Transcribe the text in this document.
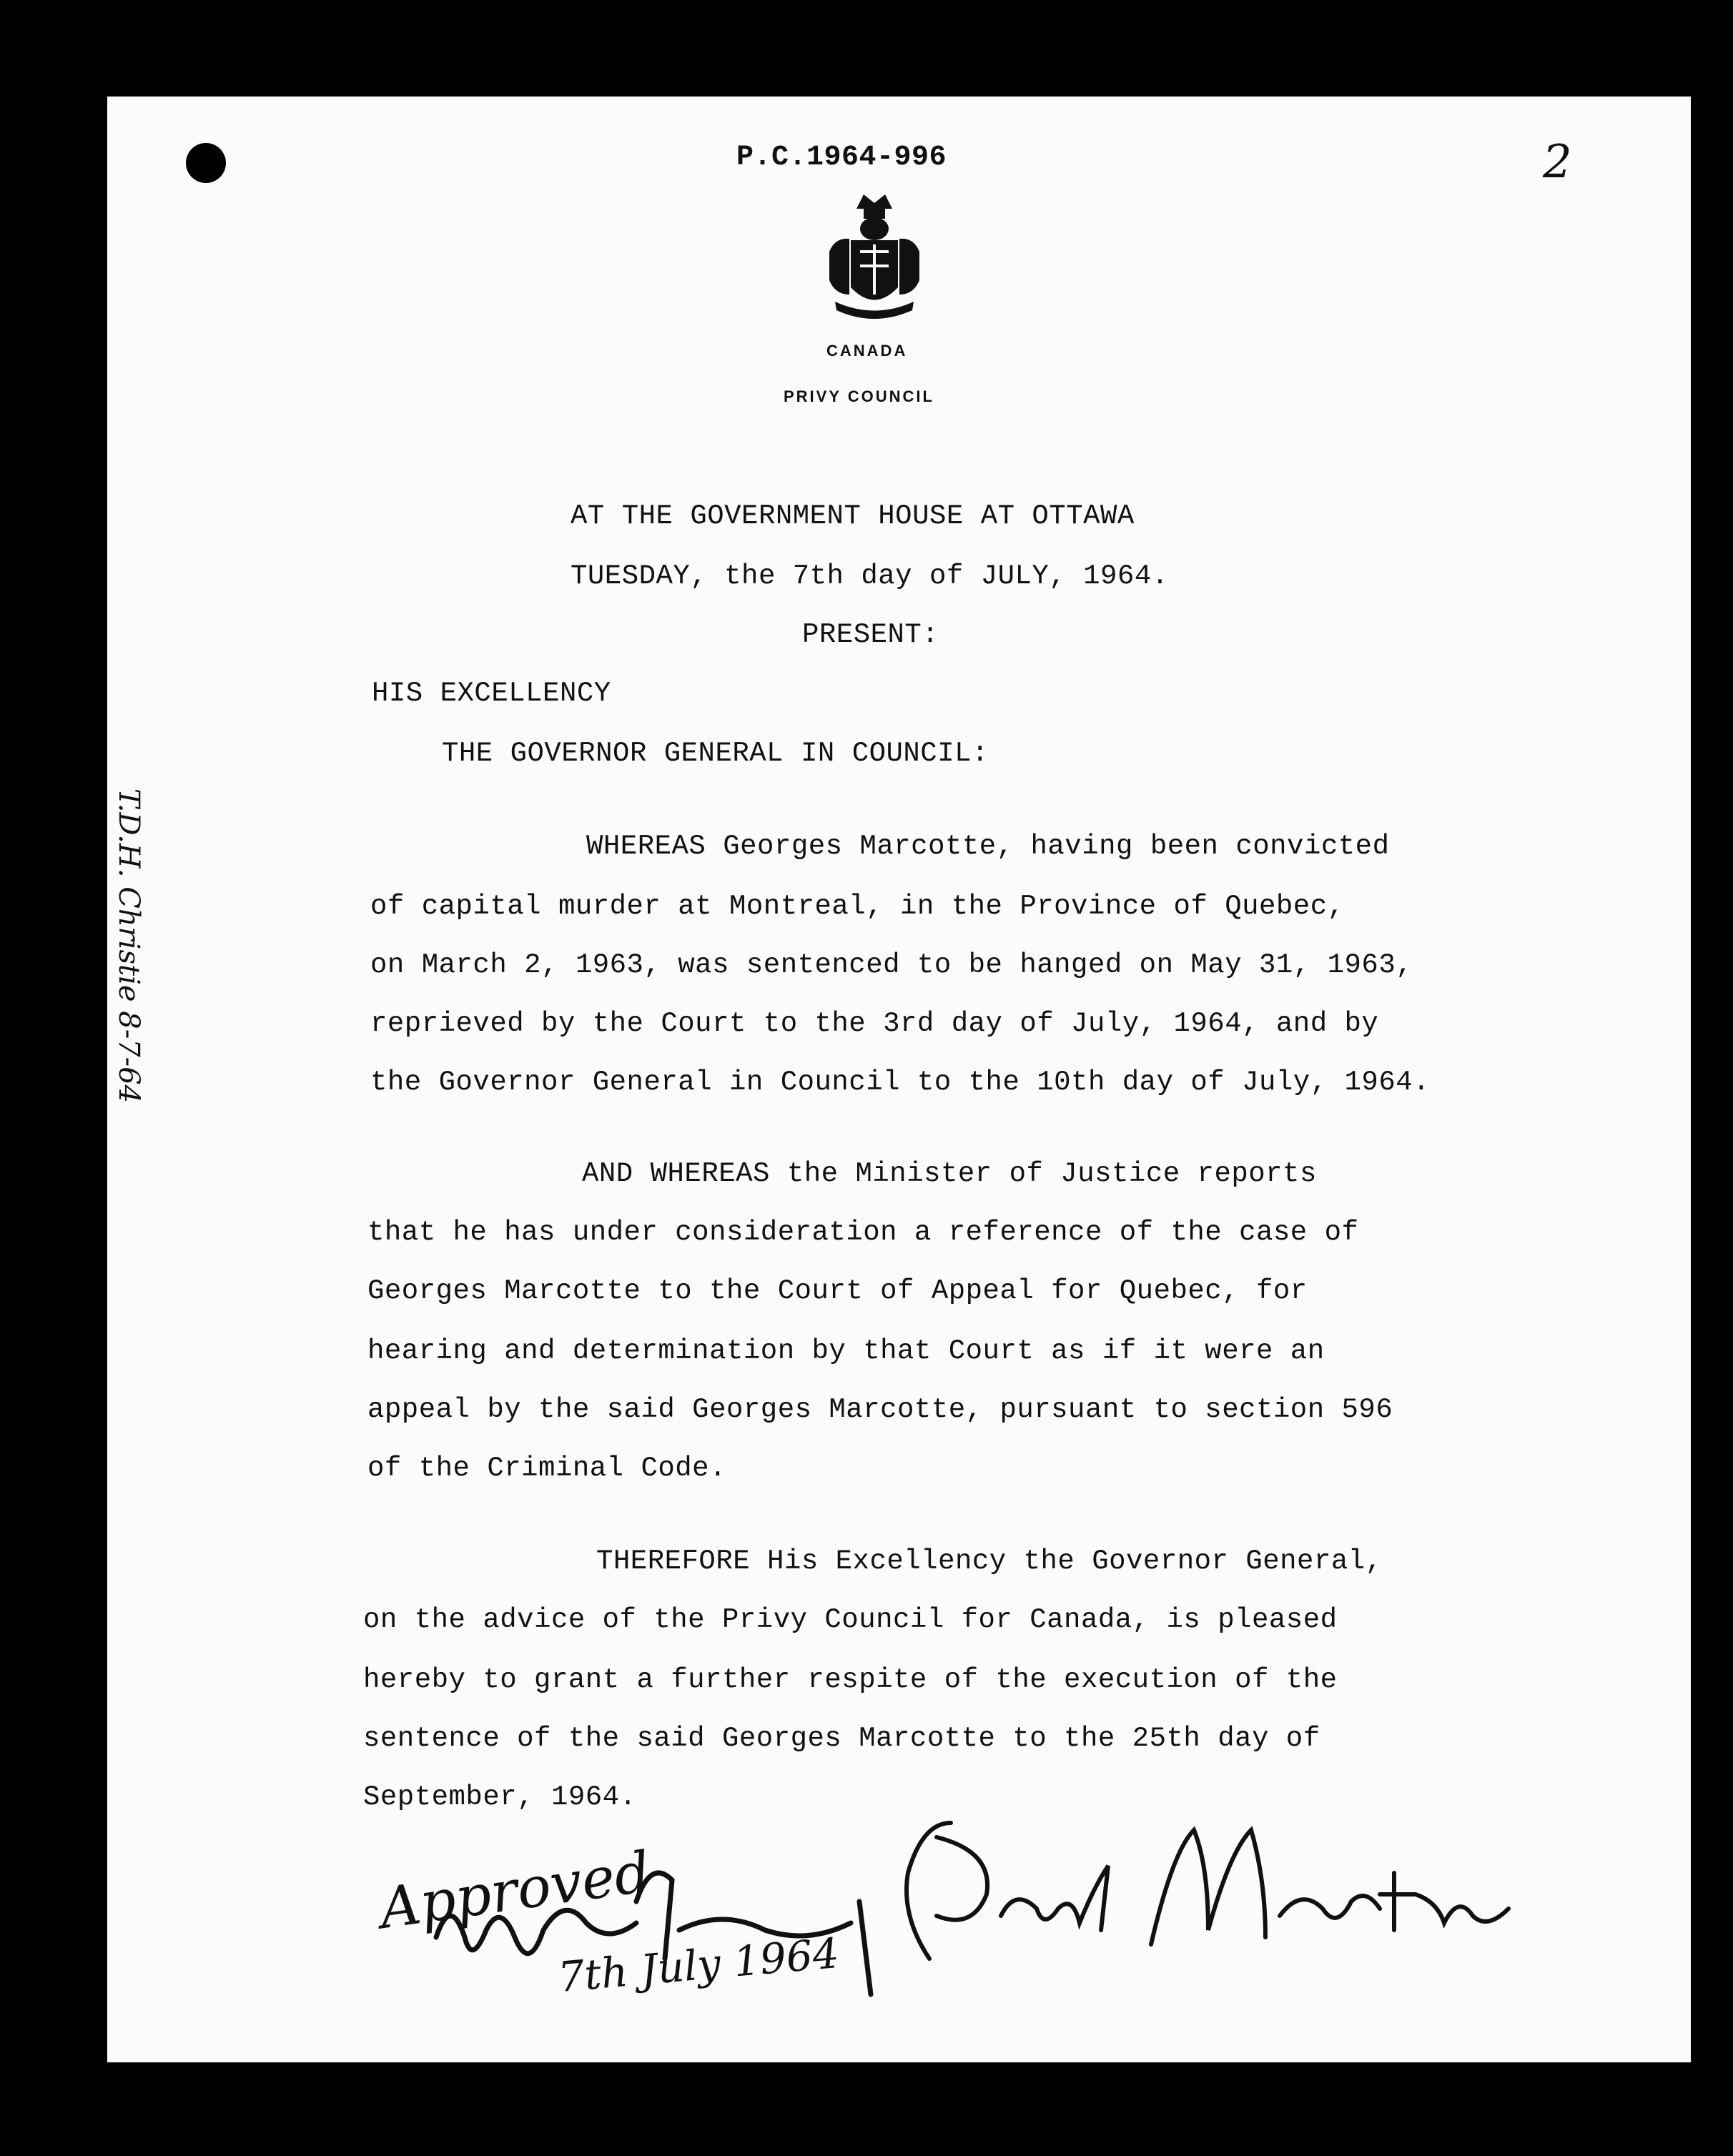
P.C.1964-996	2
CANADA
PRIVY COUNCIL
AT THE GOVERNMENT HOUSE AT OTTAWA
TUESDAY, the 7th day of JULY, 1964.
PRESENT:
HIS EXCELLENCY
THE GOVERNOR GENERAL IN COUNCIL:
WHEREAS Georges Marcotte, having been convicted
of capital murder at Montreal, in the Province of Quebec,
on March 2, 1963, was sentenced to be hanged on May 31, 1963,
reprieved by the Court to the 3rd day of July, 1964, and by
the Governor General in Council to the 10th day of July, 1964.
AND WHEREAS the Minister of Justice reports
that he has under consideration a reference of the case of
Georges Marcotte to the Court of Appeal for Quebec, for
hearing and determination by that Court as if it were an
appeal by the said Georges Marcotte, pursuant to section 596
of the Criminal Code.
THEREFORE His Excellency the Governor General,
on the advice of the Privy Council for Canada, is pleased
hereby to grant a further respite of the execution of the
sentence of the said Georges Marcotte to the 25th day of
September, 1964.
T.D.H. Christie 8-7-64
Approved
7th July 1964
